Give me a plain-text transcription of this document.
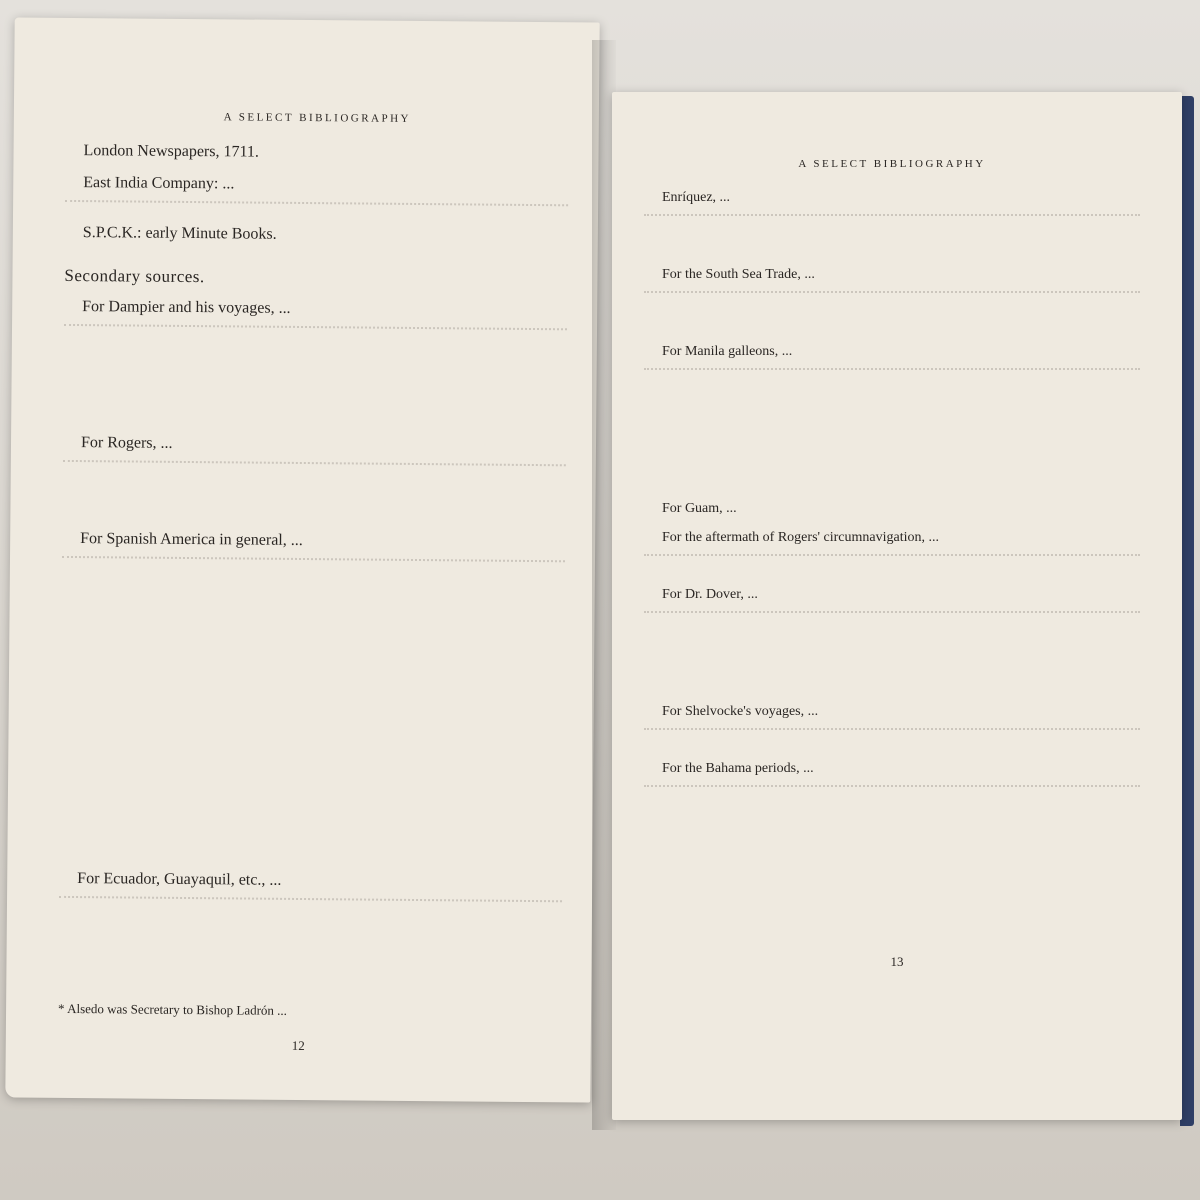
A SELECT BIBLIOGRAPHY

London Newspapers, 1711.

East India Company: ...

S.P.C.K.: early Minute Books.

Secondary sources.

For Dampier and his voyages, ...

For Rogers, ...

For Spanish America in general, ...

For Ecuador, Guayaquil, etc., ...

* Alsedo was Secretary to Bishop Ladrón ...

12
A SELECT BIBLIOGRAPHY

Enríquez, ...

For the South Sea Trade, ...

For Manila galleons, ...

For Guam, ...

For the aftermath of Rogers' circumnavigation, ...

For Dr. Dover, ...

For Shelvocke's voyages, ...

For the Bahama periods, ...

13
